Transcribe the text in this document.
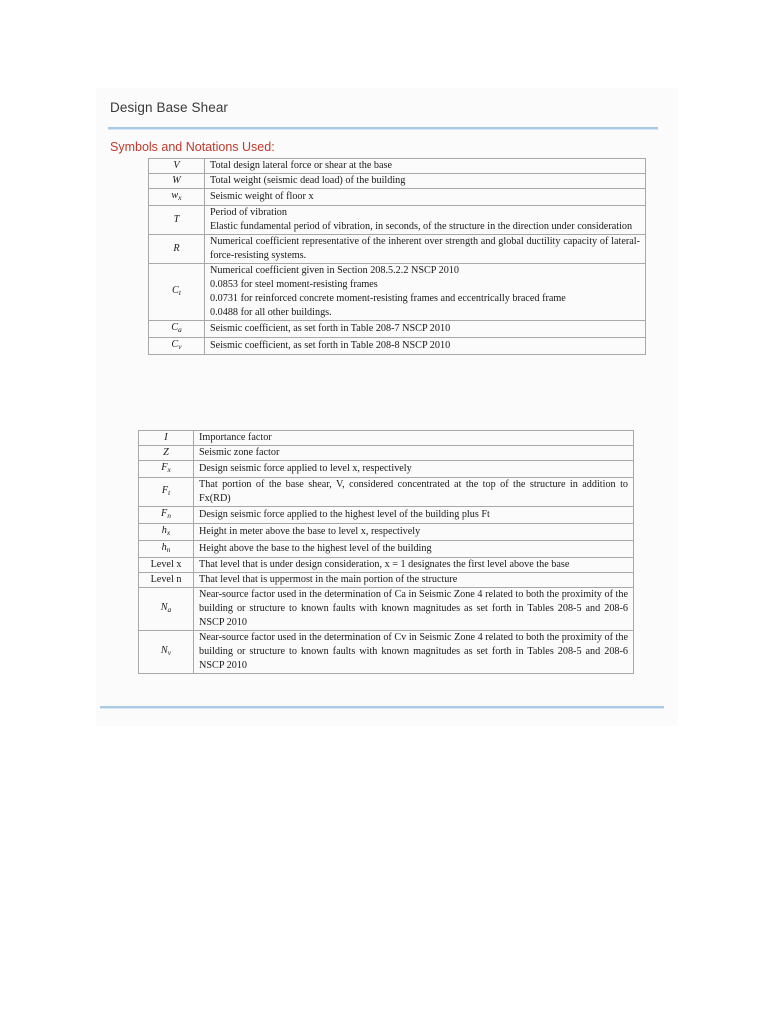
Design Base Shear
Symbols and Notations Used:
V	Total design lateral force or shear at the base

W	Total weight (seismic dead load) of the building

$w_x$	Seismic weight of floor x

T	Period of vibration
Elastic fundamental period of vibration, in seconds, of the structure in the direction under consideration

R	Numerical coefficient representative of the inherent over strength and global ductility capacity of lateral-force-resisting systems.

$C_t$	Numerical coefficient given in Section 208.5.2.2 NSCP 2010
0.0853 for steel moment-resisting frames
0.0731 for reinforced concrete moment-resisting frames and eccentrically braced frame
0.0488 for all other buildings.

$C_a$	Seismic coefficient, as set forth in Table 208-7 NSCP 2010

$C_v$	Seismic coefficient, as set forth in Table 208-8 NSCP 2010
I	Importance factor

Z	Seismic zone factor

$F_x$	Design seismic force applied to level x, respectively

$F_t$	That portion of the base shear, V, considered concentrated at the top of the structure in addition to Fx(RD)

$F_n$	Design seismic force applied to the highest level of the building plus Ft

$h_x$	Height in meter above the base to level x, respectively

$h_n$	Height above the base to the highest level of the building

Level x	That level that is under design consideration, x = 1 designates the first level above the base

Level n	That level that is uppermost in the main portion of the structure

$N_a$	Near-source factor used in the determination of Ca in Seismic Zone 4 related to both the proximity of the building or structure to known faults with known magnitudes as set forth in Tables 208-5 and 208-6 NSCP 2010

$N_v$	Near-source factor used in the determination of Cv in Seismic Zone 4 related to both the proximity of the building or structure to known faults with known magnitudes as set forth in Tables 208-5 and 208-6 NSCP 2010
